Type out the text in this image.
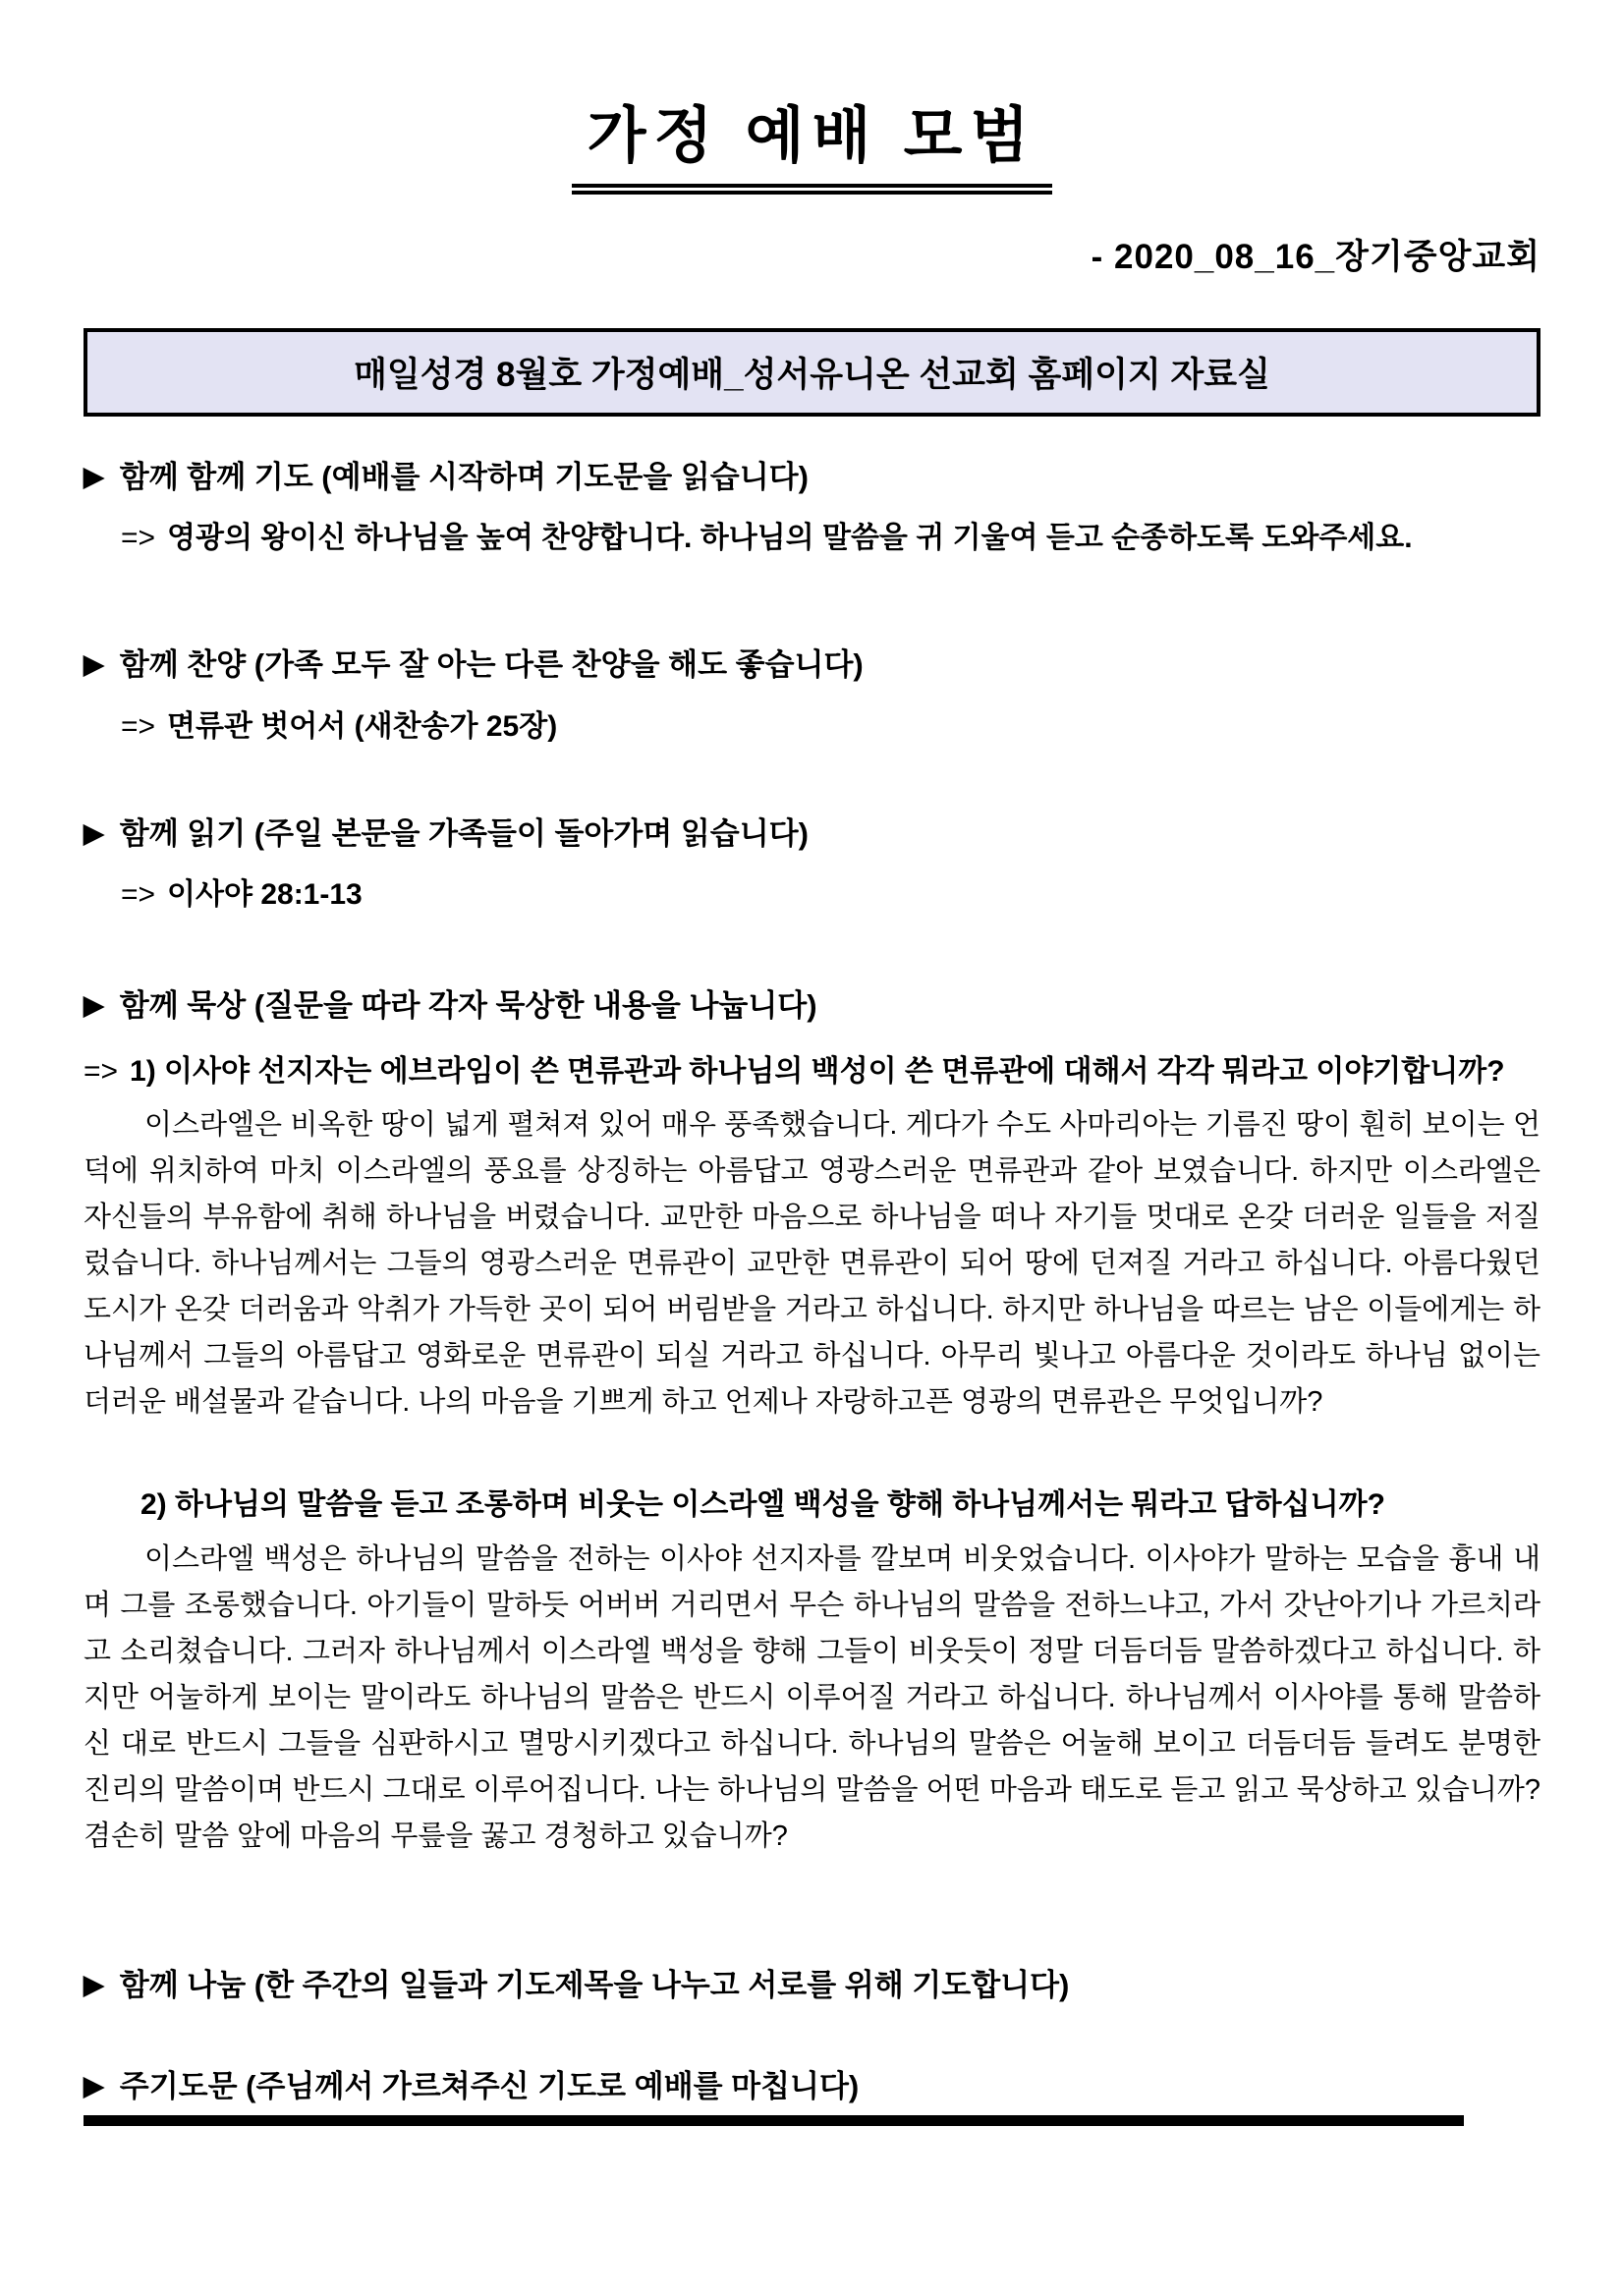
가정 예배 모범
- 2020_08_16_장기중앙교회
매일성경 8월호 가정예배_성서유니온 선교회 홈페이지 자료실
▶ 함께 함께 기도 (예배를 시작하며 기도문을 읽습니다)
=> 영광의 왕이신 하나님을 높여 찬양합니다. 하나님의 말씀을 귀 기울여 듣고 순종하도록 도와주세요.
▶ 함께 찬양 (가족 모두 잘 아는 다른 찬양을 해도 좋습니다)
=> 면류관 벗어서 (새찬송가 25장)
▶ 함께 읽기 (주일 본문을 가족들이 돌아가며 읽습니다)
=> 이사야 28:1-13
▶ 함께 묵상 (질문을 따라 각자 묵상한 내용을 나눕니다)
=> 1) 이사야 선지자는 에브라임이 쓴 면류관과 하나님의 백성이 쓴 면류관에 대해서 각각 뭐라고 이야기합니까?
이스라엘은 비옥한 땅이 넓게 펼쳐져 있어 매우 풍족했습니다. 게다가 수도 사마리아는 기름진 땅이 훤히 보이는 언덕에 위치하여 마치 이스라엘의 풍요를 상징하는 아름답고 영광스러운 면류관과 같아 보였습니다. 하지만 이스라엘은 자신들의 부유함에 취해 하나님을 버렸습니다. 교만한 마음으로 하나님을 떠나 자기들 멋대로 온갖 더러운 일들을 저질렀습니다. 하나님께서는 그들의 영광스러운 면류관이 교만한 면류관이 되어 땅에 던져질 거라고 하십니다. 아름다웠던 도시가 온갖 더러움과 악취가 가득한 곳이 되어 버림받을 거라고 하십니다. 하지만 하나님을 따르는 남은 이들에게는 하나님께서 그들의 아름답고 영화로운 면류관이 되실 거라고 하십니다. 아무리 빛나고 아름다운 것이라도 하나님 없이는 더러운 배설물과 같습니다. 나의 마음을 기쁘게 하고 언제나 자랑하고픈 영광의 면류관은 무엇입니까?
2) 하나님의 말씀을 듣고 조롱하며 비웃는 이스라엘 백성을 향해 하나님께서는 뭐라고 답하십니까?
이스라엘 백성은 하나님의 말씀을 전하는 이사야 선지자를 깔보며 비웃었습니다. 이사야가 말하는 모습을 흉내 내며 그를 조롱했습니다. 아기들이 말하듯 어버버 거리면서 무슨 하나님의 말씀을 전하느냐고, 가서 갓난아기나 가르치라고 소리쳤습니다. 그러자 하나님께서 이스라엘 백성을 향해 그들이 비웃듯이 정말 더듬더듬 말씀하겠다고 하십니다. 하지만 어눌하게 보이는 말이라도 하나님의 말씀은 반드시 이루어질 거라고 하십니다. 하나님께서 이사야를 통해 말씀하신 대로 반드시 그들을 심판하시고 멸망시키겠다고 하십니다. 하나님의 말씀은 어눌해 보이고 더듬더듬 들려도 분명한 진리의 말씀이며 반드시 그대로 이루어집니다. 나는 하나님의 말씀을 어떤 마음과 태도로 듣고 읽고 묵상하고 있습니까? 겸손히 말씀 앞에 마음의 무릎을 꿇고 경청하고 있습니까?
▶ 함께 나눔 (한 주간의 일들과 기도제목을 나누고 서로를 위해 기도합니다)
▶ 주기도문 (주님께서 가르쳐주신 기도로 예배를 마칩니다)
